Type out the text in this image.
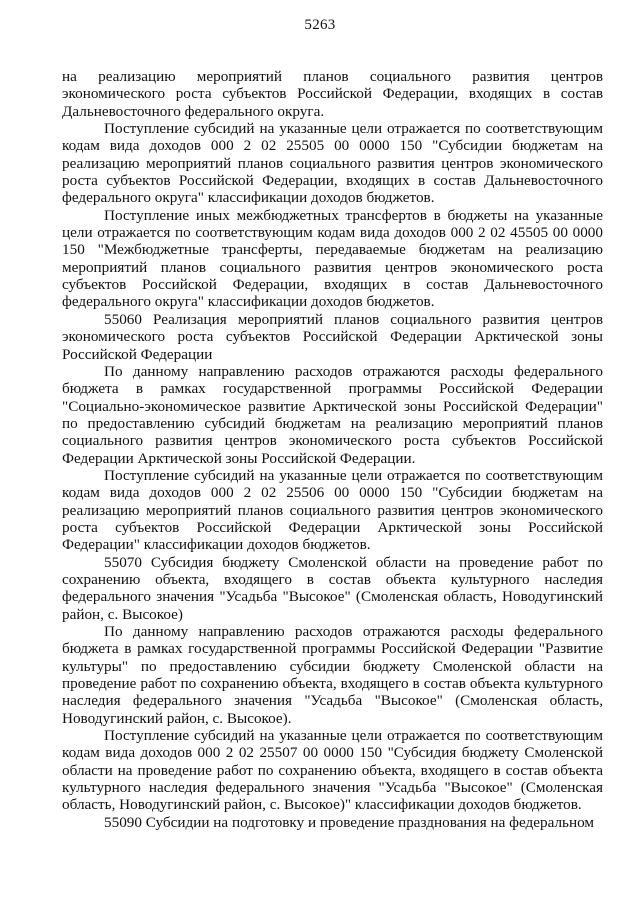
5263

на реализацию мероприятий планов социального развития центров экономического роста субъектов Российской Федерации, входящих в состав Дальневосточного федерального округа.

Поступление субсидий на указанные цели отражается по соответствующим кодам вида доходов 000 2 02 25505 00 0000 150 "Субсидии бюджетам на реализацию мероприятий планов социального развития центров экономического роста субъектов Российской Федерации, входящих в состав Дальневосточного федерального округа" классификации доходов бюджетов.

Поступление иных межбюджетных трансфертов в бюджеты на указанные цели отражается по соответствующим кодам вида доходов 000 2 02 45505 00 0000 150 "Межбюджетные трансферты, передаваемые бюджетам на реализацию мероприятий планов социального развития центров экономического роста субъектов Российской Федерации, входящих в состав Дальневосточного федерального округа" классификации доходов бюджетов.

55060 Реализация мероприятий планов социального развития центров экономического роста субъектов Российской Федерации Арктической зоны Российской Федерации

По данному направлению расходов отражаются расходы федерального бюджета в рамках государственной программы Российской Федерации "Социально-экономическое развитие Арктической зоны Российской Федерации" по предоставлению субсидий бюджетам на реализацию мероприятий планов социального развития центров экономического роста субъектов Российской Федерации Арктической зоны Российской Федерации.

Поступление субсидий на указанные цели отражается по соответствующим кодам вида доходов 000 2 02 25506 00 0000 150 "Субсидии бюджетам на реализацию мероприятий планов социального развития центров экономического роста субъектов Российской Федерации Арктической зоны Российской Федерации" классификации доходов бюджетов.

55070 Субсидия бюджету Смоленской области на проведение работ по сохранению объекта, входящего в состав объекта культурного наследия федерального значения "Усадьба "Высокое" (Смоленская область, Новодугинский район, с. Высокое)

По данному направлению расходов отражаются расходы федерального бюджета в рамках государственной программы Российской Федерации "Развитие культуры" по предоставлению субсидии бюджету Смоленской области на проведение работ по сохранению объекта, входящего в состав объекта культурного наследия федерального значения "Усадьба "Высокое" (Смоленская область, Новодугинский район, с. Высокое).

Поступление субсидий на указанные цели отражается по соответствующим кодам вида доходов 000 2 02 25507 00 0000 150 "Субсидия бюджету Смоленской области на проведение работ по сохранению объекта, входящего в состав объекта культурного наследия федерального значения "Усадьба "Высокое" (Смоленская область, Новодугинский район, с. Высокое)" классификации доходов бюджетов.

55090 Субсидии на подготовку и проведение празднования на федеральном
